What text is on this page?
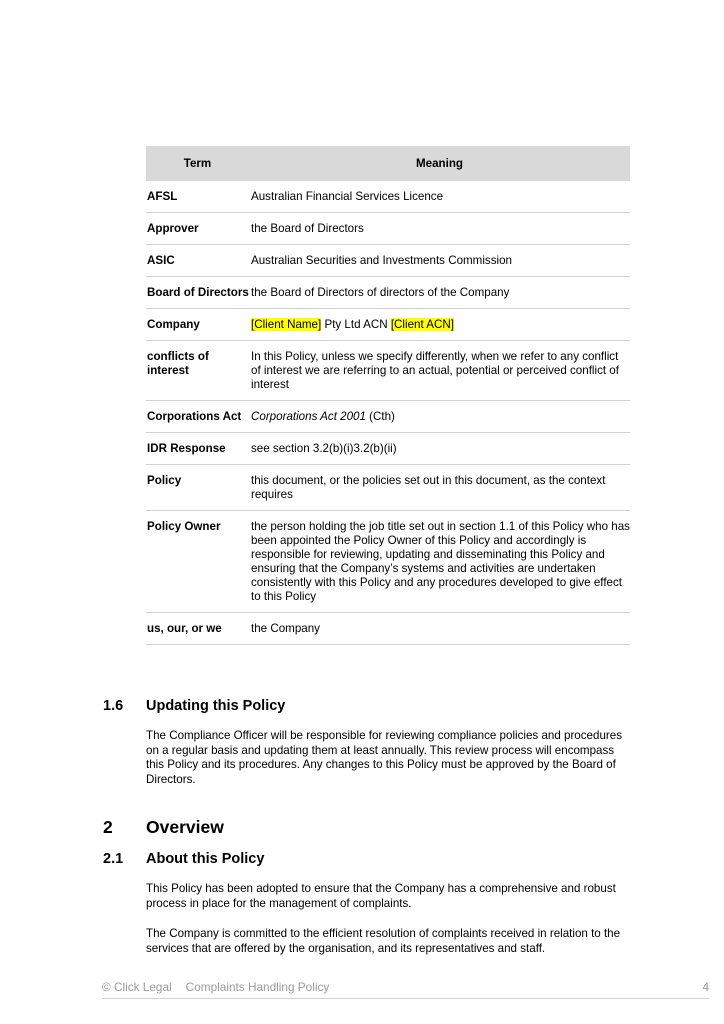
Term	Meaning
AFSL	Australian Financial Services Licence
Approver	the Board of Directors
ASIC	Australian Securities and Investments Commission
Board of Directors	the Board of Directors of directors of the Company
Company	[Client Name] Pty Ltd ACN [Client ACN]
conflicts of interest	In this Policy, unless we specify differently, when we refer to any conflict of interest we are referring to an actual, potential or perceived conflict of interest
Corporations Act	Corporations Act 2001 (Cth)
IDR Response	see section 3.2(b)(i)3.2(b)(ii)
Policy	this document, or the policies set out in this document, as the context requires
Policy Owner	the person holding the job title set out in section 1.1 of this Policy who has been appointed the Policy Owner of this Policy and accordingly is responsible for reviewing, updating and disseminating this Policy and ensuring that the Company’s systems and activities are undertaken consistently with this Policy and any procedures developed to give effect to this Policy
us, our, or we	the Company
1.6 Updating this Policy

The Compliance Officer will be responsible for reviewing compliance policies and procedures on a regular basis and updating them at least annually. This review process will encompass this Policy and its procedures. Any changes to this Policy must be approved by the Board of Directors.

2 Overview
2.1 About this Policy

This Policy has been adopted to ensure that the Company has a comprehensive and robust process in place for the management of complaints.

The Company is committed to the efficient resolution of complaints received in relation to the services that are offered by the organisation, and its representatives and staff.

© Click Legal Complaints Handling Policy	4
